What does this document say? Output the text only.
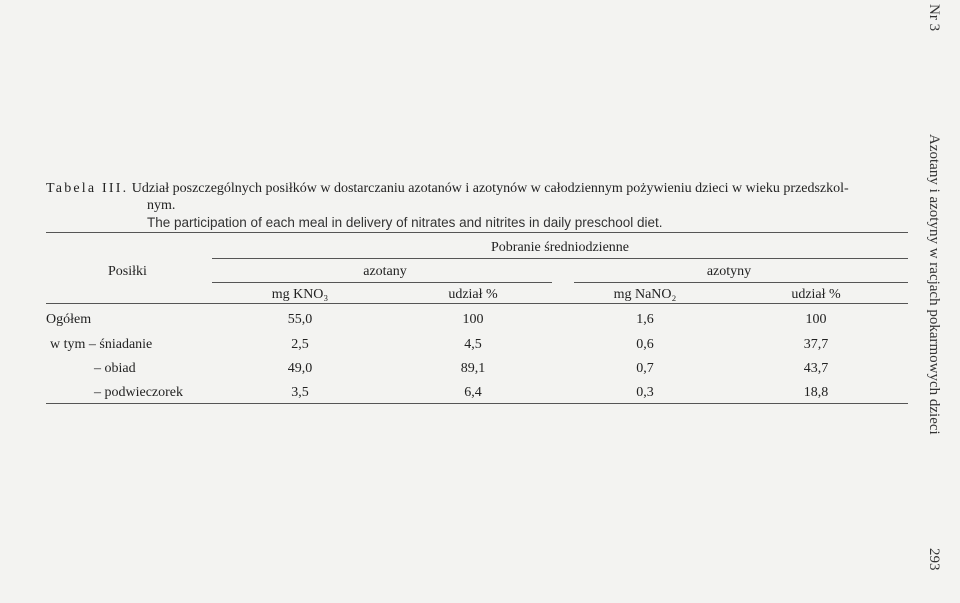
Tabela III. Udział poszczególnych posiłków w dostarczaniu azotanów i azotynów w całodziennym pożywieniu dzieci w wieku przedszkol-
nym.
The participation of each meal in delivery of nitrates and nitrites in daily preschool diet.
Pobranie średniodzienne
Posiłki	azotany	azotyny
mg KNO₃	udział %	mg NaNO₂	udział %
Ogółem	55,0	100	1,6	100
w tym – śniadanie	2,5	4,5	0,6	37,7
– obiad	49,0	89,1	0,7	43,7
– podwieczorek	3,5	6,4	0,3	18,8
Nr 3
Azotany i azotyny w racjach pokarmowych dzieci
293
